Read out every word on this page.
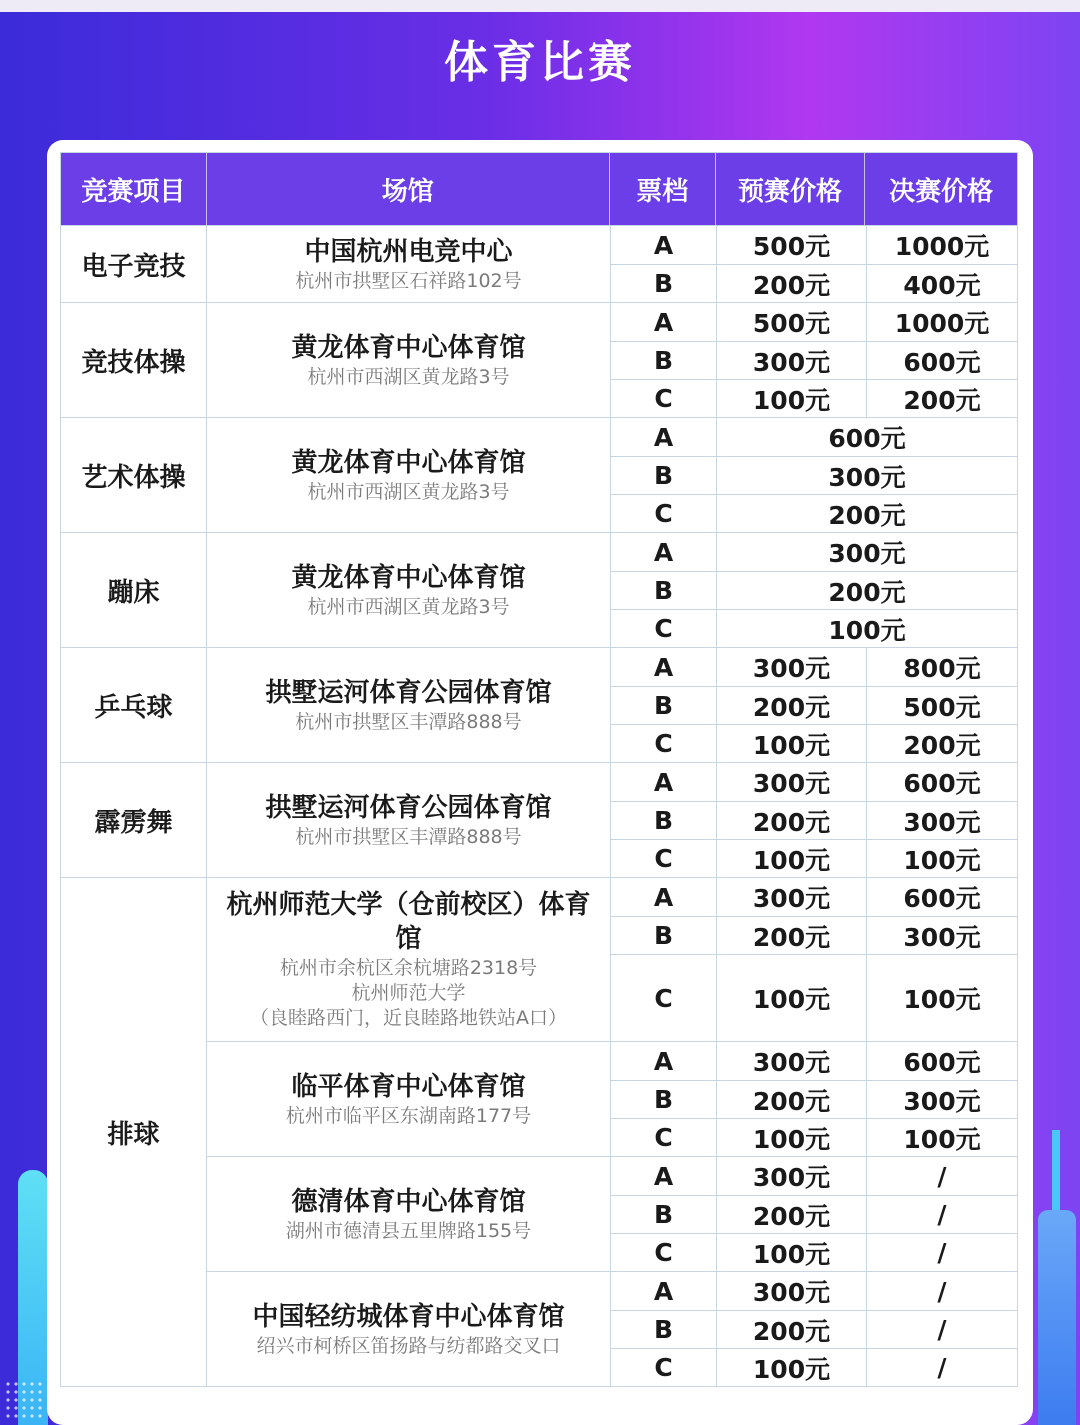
体育比赛
竞赛项目	场馆	票档	预赛价格	决赛价格
电子竞技	中国杭州电竞中心
杭州市拱墅区石祥路102号
A	500元	1000元
B	200元	400元
竞技体操	黄龙体育中心体育馆
杭州市西湖区黄龙路3号
A	500元	1000元
B	300元	600元
C	100元	200元
艺术体操	黄龙体育中心体育馆
杭州市西湖区黄龙路3号
A	600元
B	300元
C	200元
蹦床	黄龙体育中心体育馆
杭州市西湖区黄龙路3号
A	300元
B	200元
C	100元
乒乓球	拱墅运河体育公园体育馆
杭州市拱墅区丰潭路888号
A	300元	800元
B	200元	500元
C	100元	200元
霹雳舞	拱墅运河体育公园体育馆
杭州市拱墅区丰潭路888号
A	300元	600元
B	200元	300元
C	100元	100元
排球
杭州师范大学（仓前校区）体育馆
杭州市余杭区余杭塘路2318号
杭州师范大学
（良睦路西门，近良睦路地铁站A口）
A	300元	600元
B	200元	300元
C	100元	100元
临平体育中心体育馆
杭州市临平区东湖南路177号
A	300元	600元
B	200元	300元
C	100元	100元
德清体育中心体育馆
湖州市德清县五里牌路155号
A	300元	/
B	200元	/
C	100元	/
中国轻纺城体育中心体育馆
绍兴市柯桥区笛扬路与纺都路交叉口
A	300元	/
B	200元	/
C	100元	/
